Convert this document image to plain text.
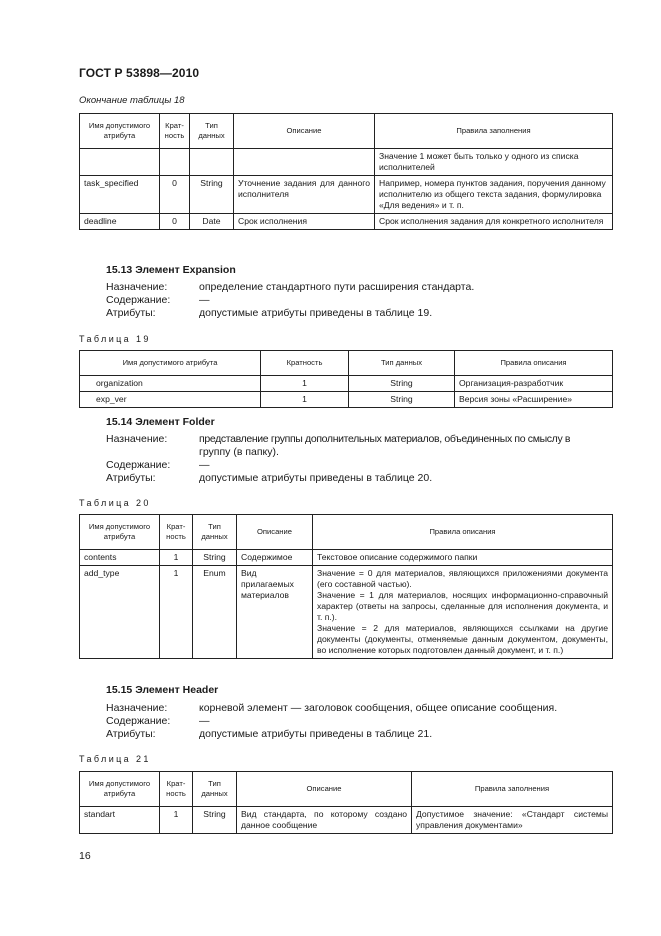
ГОСТ Р 53898—2010
Окончание таблицы 18
Имя допустимого атрибута	Крат-ность	Тип данных	Описание	Правила заполнения
				Значение 1 может быть только у одного из списка исполнителей
task_specified	0	String	Уточнение задания для данного исполнителя	Например, номера пунктов задания, поручения данному исполнителю из общего текста задания, формулировка «Для ведения» и т. п.
deadline	0	Date	Срок исполнения	Срок исполнения задания для конкретного исполнителя
15.13 Элемент Expansion
Назначение:	определение стандартного пути расширения стандарта.
Содержание:	—
Атрибуты:	допустимые атрибуты приведены в таблице 19.
Таблица 19
Имя допустимого атрибута	Кратность	Тип данных	Правила описания
organization	1	String	Организация-разработчик
exp_ver	1	String	Версия зоны «Расширение»
15.14 Элемент Folder
Назначение:	представление группы дополнительных материалов, объединенных по смыслу в
группу (в папку).
Содержание:	—
Атрибуты:	допустимые атрибуты приведены в таблице 20.
Таблица 20
Имя допустимого атрибута	Крат-ность	Тип данных	Описание	Правила описания
contents	1	String	Содержимое	Текстовое описание содержимого папки
add_type	1	Enum	Вид прилагаемых материалов	Значение = 0 для материалов, являющихся приложениями документа (его составной частью).
Значение = 1 для материалов, носящих информационно-справочный характер (ответы на запросы, сделанные для исполнения документа, и т. п.).
Значение = 2 для материалов, являющихся ссылками на другие документы (документы, отменяемые данным документом, документы, во исполнение которых подготовлен данный документ, и т. п.)
15.15 Элемент Header
Назначение:	корневой элемент — заголовок сообщения, общее описание сообщения.
Содержание:	—
Атрибуты:	допустимые атрибуты приведены в таблице 21.
Таблица 21
Имя допустимого атрибута	Крат-ность	Тип данных	Описание	Правила заполнения
standart	1	String	Вид стандарта, по которому создано данное сообщение	Допустимое значение: «Стандарт системы управления документами»
16
